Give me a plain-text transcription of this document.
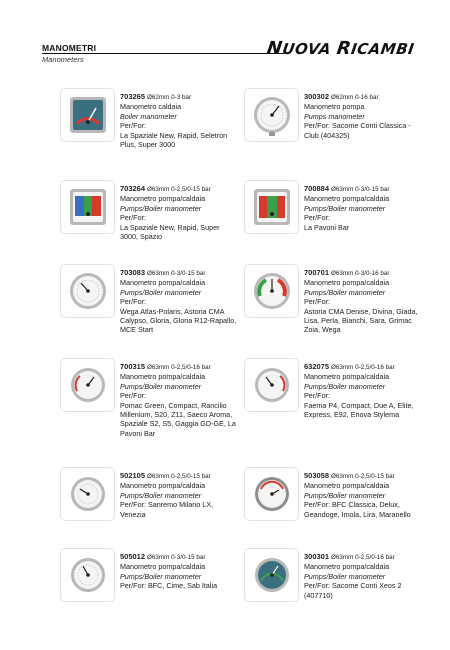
MANOMETRI
Manometers
NUOVA RICAMBI
703265 Ø62mm 0-3 bar
Manometro caldaia
Boiler manometer
Per/For:
La Spaziale New, Rapid, Seletron Plus, Super 3000
300302 Ø62mm 0-16 bar
Manometro pompa
Pumps manometer
Per/For: Sacome Conti Classica - Club (404325)
703264 Ø63mm 0-2,5/0-15 bar
Manometro pompa/caldaia
Pumps/Boiler manometer
Per/For:
La Spaziale New, Rapid, Super 3000, Spazio
700884 Ø63mm 0-3/0-15 bar
Manometro pompa/caldaia
Pumps/Boiler manometer
Per/For:
La Pavoni Bar
703083 Ø63mm 0-3/0-15 bar
Manometro pompa/caldaia
Pumps/Boiler manometer
Per/For:
Wega Atlas-Polaris, Astoria CMA Calypso, Gloria, Gloria R12-Rapallo, MCE Start
700701 Ø63mm 0-3/0-16 bar
Manometro pompa/caldaia
Pumps/Boiler manometer
Per/For:
Astoria CMA Denise, Divina, Giada, Lisa, Perla, Bianchi, Sara, Grimac Zoia, Wega
700315 Ø63mm 0-2,5/0-16 bar
Manometro pompa/caldaia
Pumps/Boiler manometer
Per/For:
Pomac Green, Compact, Rancilio Millenium, S20, Z11, Saeco Aroma, Spaziale S2, S5, Gaggia GD-GE, La Pavoni Bar
632075 Ø63mm 0-2,5/0-16 bar
Manometro pompa/caldaia
Pumps/Boiler manometer
Per/For:
Faema P4, Compact, Due A, Elite, Express, E92, Enova Stylema
502105 Ø63mm 0-2,5/0-15 bar
Manometro pompa/caldaia
Pumps/Boiler manometer
Per/For: Sanremo Milano LX, Venezia
503058 Ø63mm 0-2,5/0-15 bar
Manometro pompa/caldaia
Pumps/Boiler manometer
Per/For: BFC Classica, Delux, Geandoge, Imola, Lira, Maranello
505012 Ø63mm 0-3/0-15 bar
Manometro pompa/caldaia
Pumps/Boiler manometer
Per/For: BFC, Cime, Sab Italia
300301 Ø63mm 0-2,5/0-16 bar
Manometro pompa/caldaia
Pumps/Boiler manometer
Per/For: Sacome Conti Xeos 2 (407710)
